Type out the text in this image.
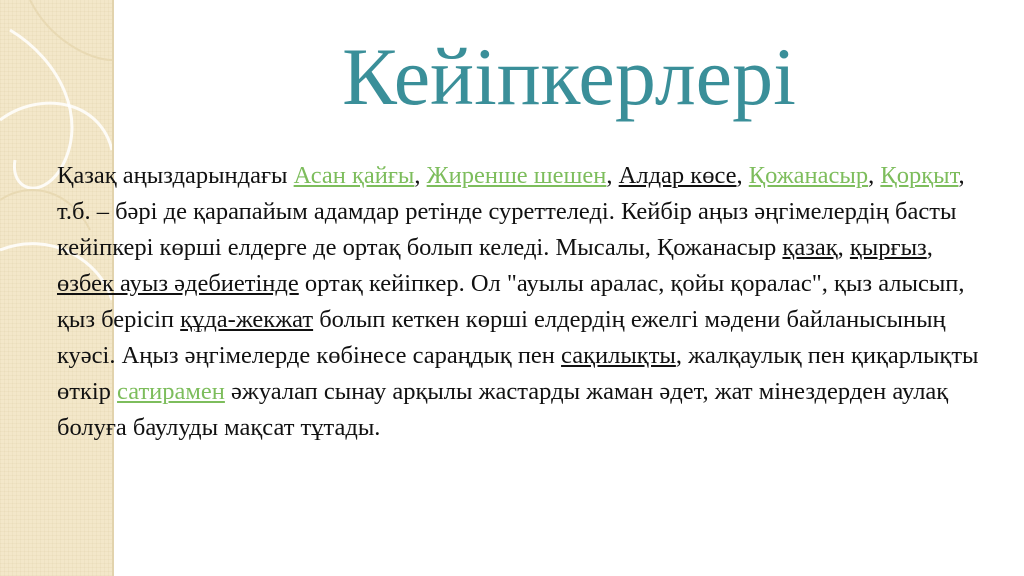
Кейіпкерлері
Қазақ аңыздарындағы Асан қайғы, Жиренше шешен, Алдар көсе, Қожанасыр, Қорқыт, т.б. – бәрі де қарапайым адамдар ретінде суреттеледі. Кейбір аңыз әңгімелердің басты кейіпкері көрші елдерге де ортақ болып келеді. Мысалы, Қожанасыр қазақ, қырғыз, өзбек ауыз әдебиетінде ортақ кейіпкер. Ол "ауылы аралас, қойы қоралас", қыз алысып, қыз берісіп құда-жекжат болып кеткен көрші елдердің ежелгі мәдени байланысының куәсі. Аңыз әңгімелерде көбінесе сараңдық пен сақилықты, жалқаулық пен қиқарлықты өткір сатирамен әжуалап сынау арқылы жастарды жаман әдет, жат мінездерден аулақ болуға баулуды мақсат тұтады.
